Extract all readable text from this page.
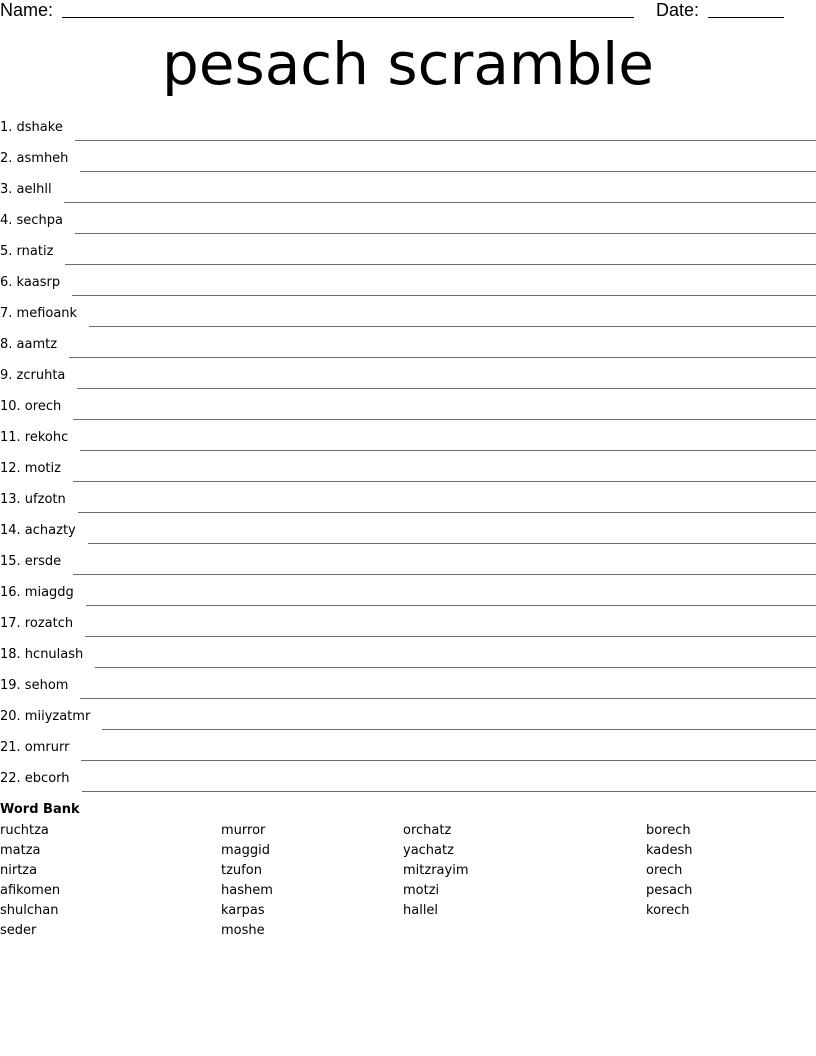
Name:	Date:
pesach scramble
1. dshake
2. asmheh
3. aelhll
4. sechpa
5. rnatiz
6. kaasrp
7. mefioank
8. aamtz
9. zcruhta
10. orech
11. rekohc
12. motiz
13. ufzotn
14. achazty
15. ersde
16. miagdg
17. rozatch
18. hcnulash
19. sehom
20. miiyzatmr
21. omrurr
22. ebcorh
Word Bank
ruchtza
matza
nirtza
afikomen
shulchan
seder
murror
maggid
tzufon
hashem
karpas
moshe
orchatz
yachatz
mitzrayim
motzi
hallel
borech
kadesh
orech
pesach
korech
